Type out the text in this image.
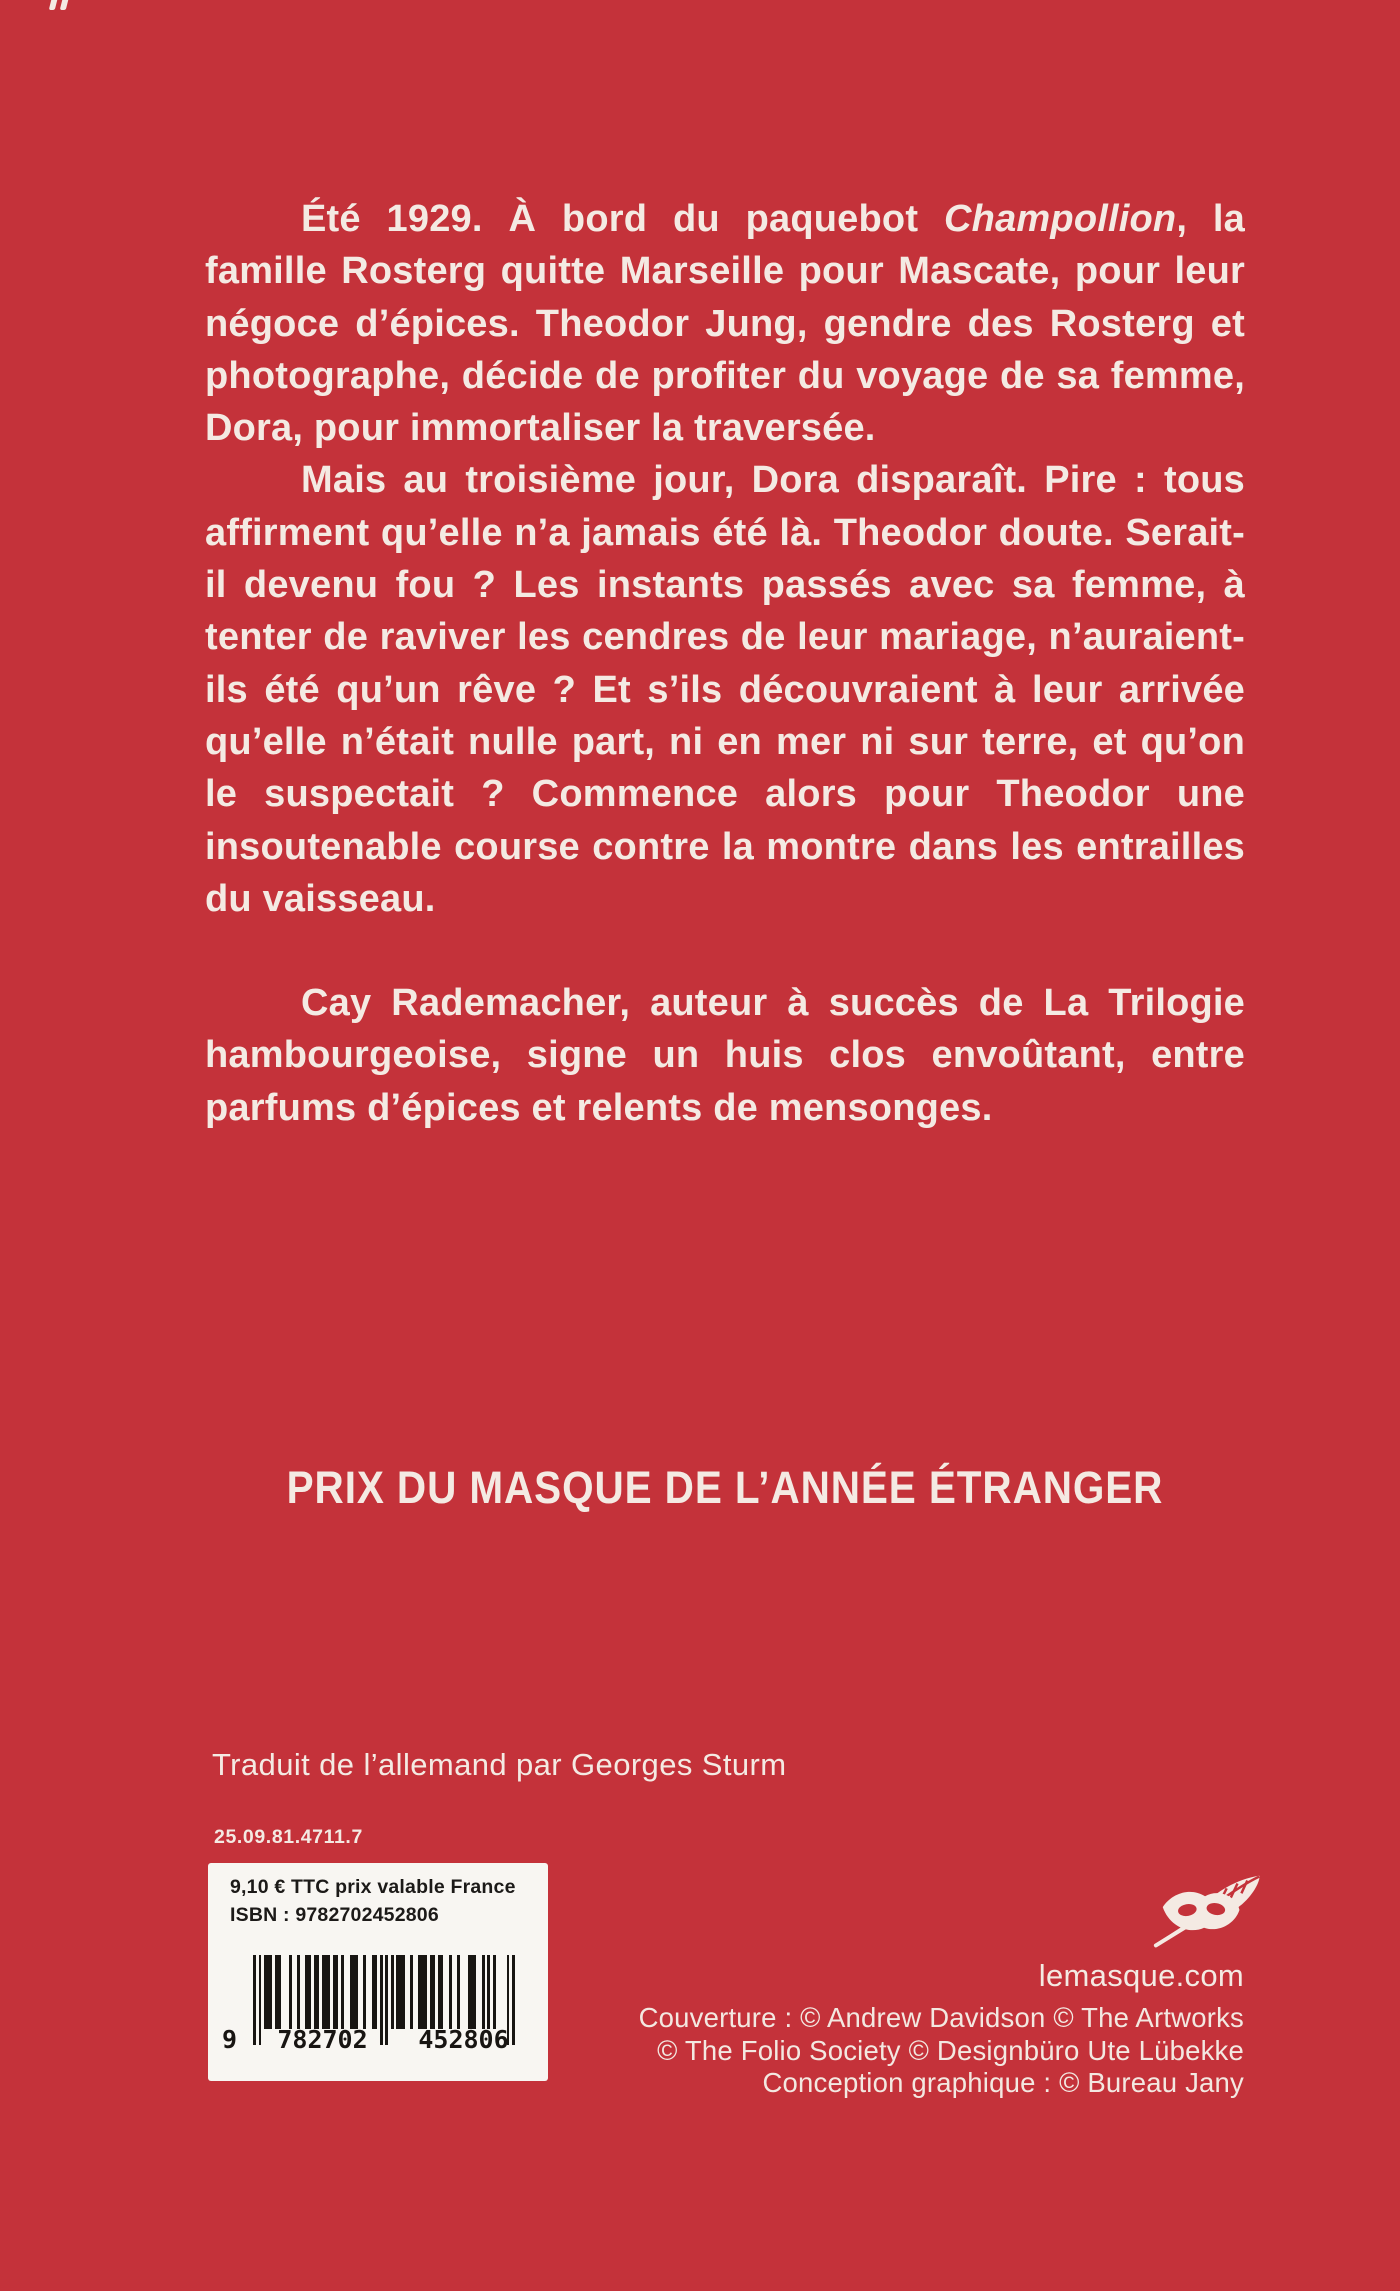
Été 1929. À bord du paquebot Champollion, la famille Rosterg quitte Marseille pour Mascate, pour leur négoce d’épices. Theodor Jung, gendre des Rosterg et photographe, décide de profiter du voyage de sa femme, Dora, pour immortaliser la traversée.

Mais au troisième jour, Dora disparaît. Pire : tous affirment qu’elle n’a jamais été là. Theodor doute. Serait-il devenu fou ? Les instants passés avec sa femme, à tenter de raviver les cendres de leur mariage, n’auraient-ils été qu’un rêve ? Et s’ils découvraient à leur arrivée qu’elle n’était nulle part, ni en mer ni sur terre, et qu’on le suspectait ? Commence alors pour Theodor une insoutenable course contre la montre dans les entrailles du vaisseau.

Cay Rademacher, auteur à succès de La Trilogie hambourgeoise, signe un huis clos envoûtant, entre parfums d’épices et relents de mensonges.

PRIX DU MASQUE DE L’ANNÉE ÉTRANGER
Traduit de l’allemand par Georges Sturm
25.09.81.4711.7
9,10 € TTC prix valable France
ISBN : 9782702452806
9	782702	452806
lemasque.com
Couverture : © Andrew Davidson © The Artworks
© The Folio Society © Designbüro Ute Lübekke
Conception graphique : © Bureau Jany
